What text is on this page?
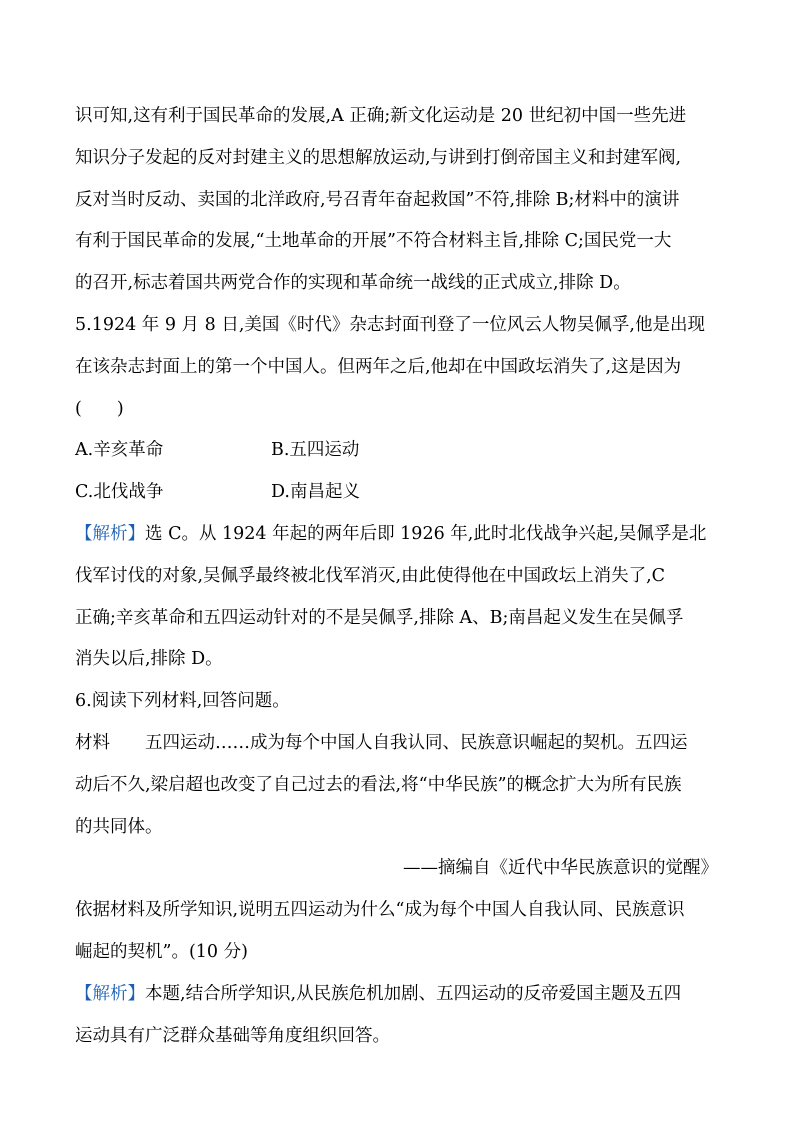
识可知,这有利于国民革命的发展,A 正确;新文化运动是 20 世纪初中国一些先进

知识分子发起的反对封建主义的思想解放运动,与讲到打倒帝国主义和封建军阀,

反对当时反动、卖国的北洋政府,号召青年奋起救国”不符,排除 B;材料中的演讲

有利于国民革命的发展,“土地革命的开展”不符合材料主旨,排除 C;国民党一大

的召开,标志着国共两党合作的实现和革命统一战线的正式成立,排除 D。

5.1924 年 9 月 8 日,美国《时代》杂志封面刊登了一位风云人物吴佩孚,他是出现

在该杂志封面上的第一个中国人。但两年之后,他却在中国政坛消失了,这是因为

(　　)

A.辛亥革命	B.五四运动
C.北伐战争	D.南昌起义

【解析】选 C。从 1924 年起的两年后即 1926 年,此时北伐战争兴起,吴佩孚是北

伐军讨伐的对象,吴佩孚最终被北伐军消灭,由此使得他在中国政坛上消失了,C

正确;辛亥革命和五四运动针对的不是吴佩孚,排除 A、B;南昌起义发生在吴佩孚

消失以后,排除 D。

6.阅读下列材料,回答问题。

材料 五四运动……成为每个中国人自我认同、民族意识崛起的契机。五四运

动后不久,梁启超也改变了自己过去的看法,将“中华民族”的概念扩大为所有民族

的共同体。

——摘编自《近代中华民族意识的觉醒》

依据材料及所学知识,说明五四运动为什么“成为每个中国人自我认同、民族意识

崛起的契机”。(10 分)

【解析】本题,结合所学知识,从民族危机加剧、五四运动的反帝爱国主题及五四

运动具有广泛群众基础等角度组织回答。
